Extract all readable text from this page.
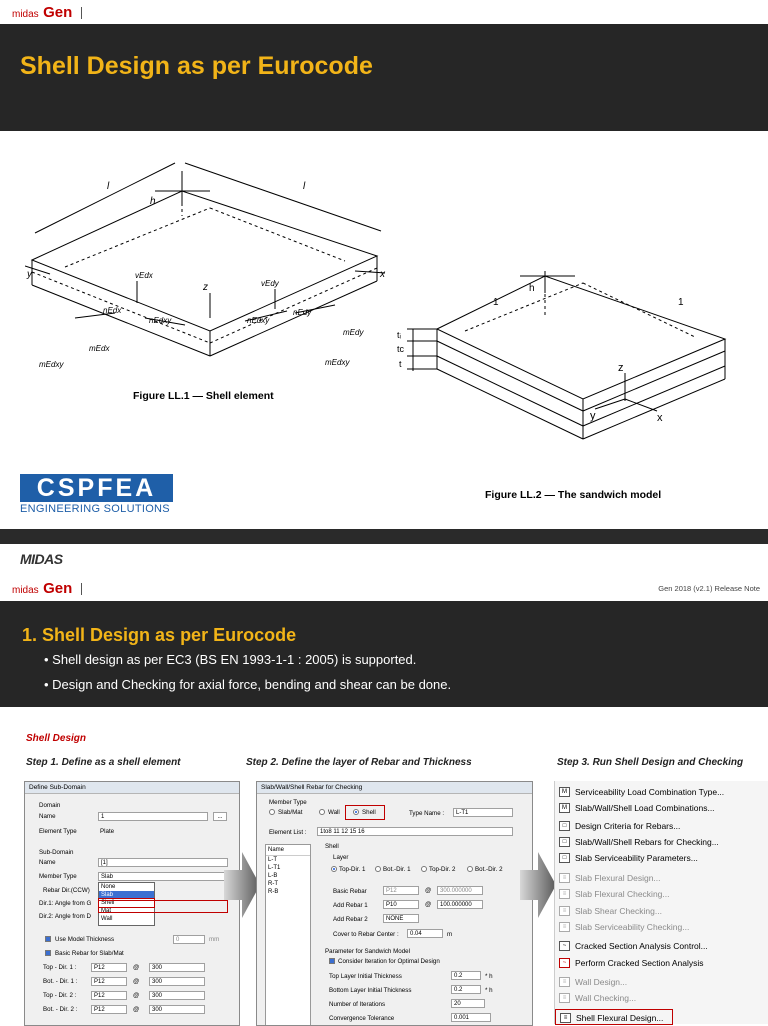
midas Gen
Shell Design as per Eurocode
l	l
h
y	x
z
vEdx
vEdy
nEdx
nEdxy	nEdxy
nEdy
mEdx
mEdxy
mEdy
mEdxy
Figure LL.1 — Shell element
h
1	1
tᵢ
tc
t	z
y	x
Figure LL.2 — The sandwich model
CSPFEA
ENGINEERING SOLUTIONS
MIDAS
midas Gen	Gen 2018 (v2.1) Release Note
1. Shell Design as per Eurocode
• Shell design as per EC3 (BS EN 1993-1-1 : 2005) is supported.
• Design and Checking for axial force, bending and shear can be done.
Shell Design
Step 1. Define as a shell element	Step 2. Define the layer of Rebar and Thickness	Step 3. Run Shell Design and Checking
Define Sub-Domain
Domain
Name	1	...
Element Type	Plate
Sub-Domain
Name	[1]
Member Type	Slab
Rebar Dir.(CCW)
Dir.1: Angle from G
Dir.2: Angle from D
None
Slab
Shell
Mat
Wall
Use Model Thickness	0	mm
Basic Rebar for Slab/Mat
Top - Dir. 1 :	P12	@	300
Bot. - Dir. 1 :	P12	@	300
Top - Dir. 2 :	P12	@	300
Bot. - Dir. 2 :	P12	@	300
Slab/Wall/Shell Rebar for Checking
Member Type
Slab/Mat	Wall	Shell	Type Name :	L-T1
Element List :	1to8 11 12 15 16
Name
L-T
L-T1
L-B
R-T
R-B
Shell
Layer
Top-Dir. 1	Bot.-Dir. 1	Top-Dir. 2	Bot.-Dir. 2
Basic Rebar	P12	@	300.000000
Add Rebar 1	P10	@	100.000000
Add Rebar 2	NONE
Cover to Rebar Center :	0.04	m
Parameter for Sandwich Model
Consider Iteration for Optimal Design
Top Layer Initial Thickness	0.2	* h
Bottom Layer Initial Thickness	0.2	* h
Number of Iterations	20
Convergence Tolerance	0.001
M Serviceability Load Combination Type...
M Slab/Wall/Shell Load Combinations...
□	Design Criteria for Rebars...
□	Slab/Wall/Shell Rebars for Checking...
□	Slab Serviceability Parameters...
≡	Slab Flexural Design...
≡	Slab Flexural Checking...
≡	Slab Shear Checking...
≡	Slab Serviceability Checking...
~	Cracked Section Analysis Control...
~	Perform Cracked Section Analysis
≡	Wall Design...
≡	Wall Checking...
≡	Shell Flexural Design...
